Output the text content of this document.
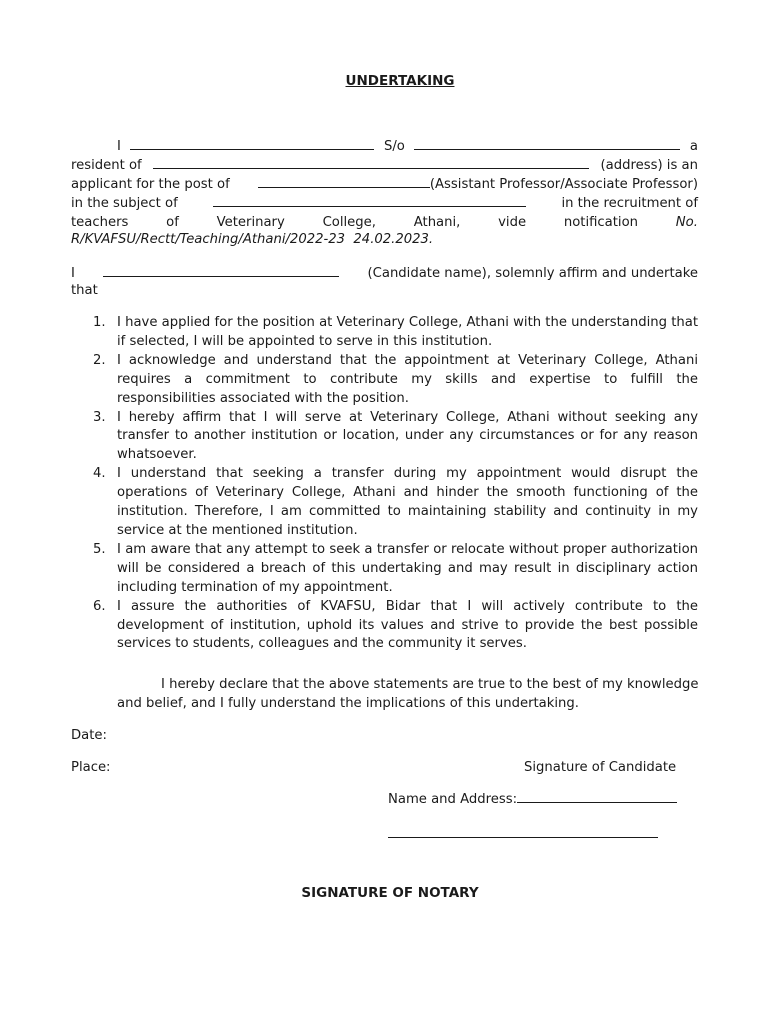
UNDERTAKING
I	S/o	a
resident of	(address) is an
applicant for the post of	(Assistant Professor/Associate Professor)
in the subject of	in the recruitment of
teachers	of	Veterinary	College,	Athani,	vide	notification	No.
R/KVAFSU/Rectt/Teaching/Athani/2022-23  24.02.2023.
I	(Candidate name), solemnly affirm and undertake
that
1. I have applied for the position at Veterinary College, Athani with the understanding that if selected, I will be appointed to serve in this institution.
2. I acknowledge and understand that the appointment at Veterinary College, Athani requires a commitment to contribute my skills and expertise to fulfill the responsibilities associated with the position.
3. I hereby affirm that I will serve at Veterinary College, Athani without seeking any transfer to another institution or location, under any circumstances or for any reason whatsoever.
4. I understand that seeking a transfer during my appointment would disrupt the operations of Veterinary College, Athani and hinder the smooth functioning of the institution. Therefore, I am committed to maintaining stability and continuity in my service at the mentioned institution.
5. I am aware that any attempt to seek a transfer or relocate without proper authorization will be considered a breach of this undertaking and may result in disciplinary action including termination of my appointment.
6. I assure the authorities of KVAFSU, Bidar that I will actively contribute to the development of institution, uphold its values and strive to provide the best possible services to students, colleagues and the community it serves.
I hereby declare that the above statements are true to the best of my knowledge and belief, and I fully understand the implications of this undertaking.
Date:
Place:	Signature of Candidate
Name and Address:
SIGNATURE OF NOTARY
